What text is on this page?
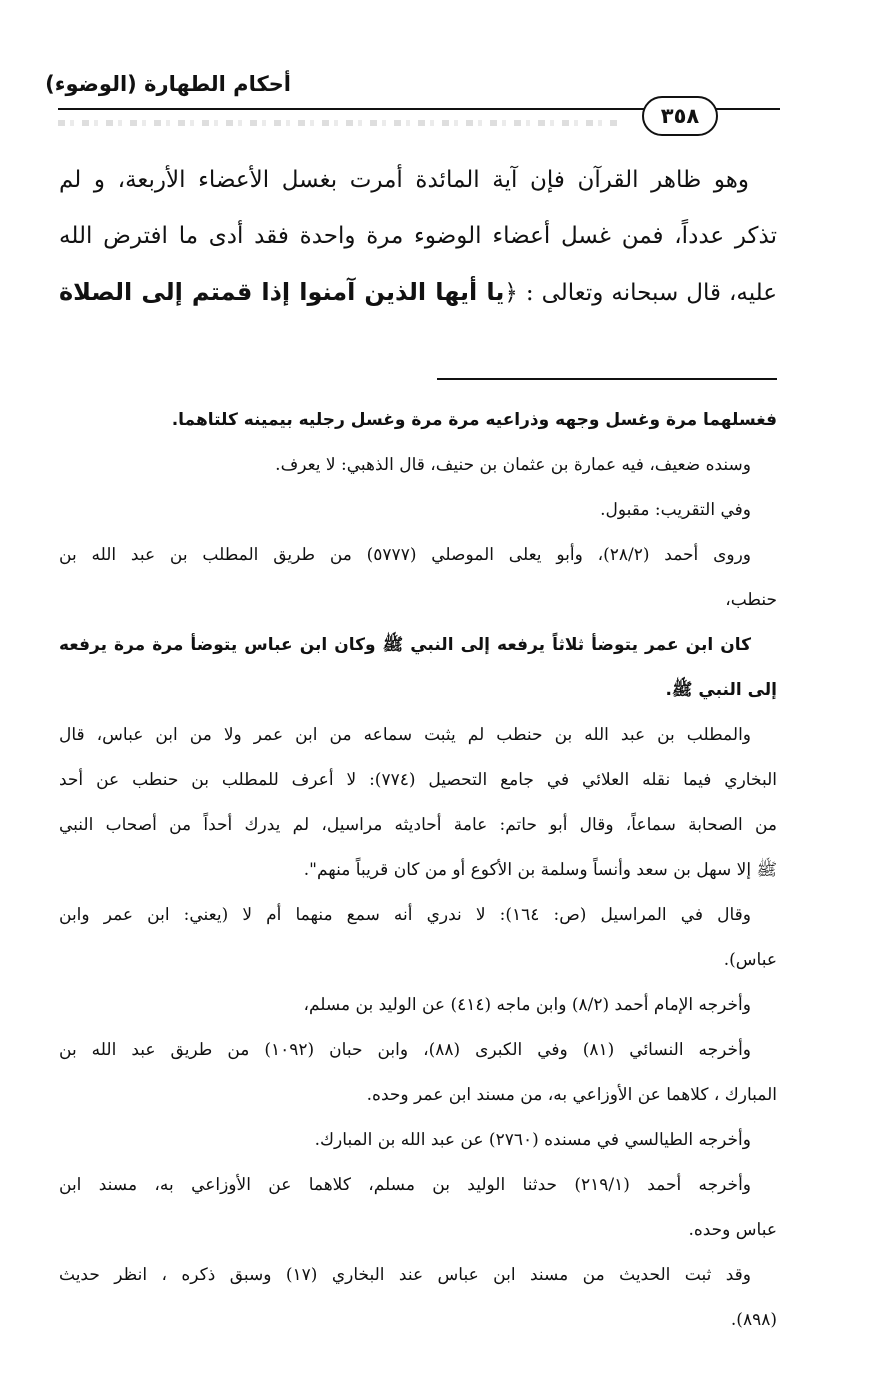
أحكام الطهارة (الوضوء)
٣٥٨

وهو ظاهر القرآن فإن آية المائدة أمرت بغسل الأعضاء الأربعة، و لم

تذكر عدداً، فمن غسل أعضاء الوضوء مرة واحدة فقد أدى ما افترض الله

عليه، قال سبحانه وتعالى : ﴿يا أيها الذين آمنوا إذا قمتم إلى الصلاة

فغسلهما مرة وغسل وجهه وذراعيه مرة مرة وغسل رجليه بيمينه كلتاهما.
وسنده ضعيف، فيه عمارة بن عثمان بن حنيف، قال الذهبي: لا يعرف.
وفي التقريب: مقبول.
وروى أحمد (٢٨/٢)، وأبو يعلى الموصلي (٥٧٧٧) من طريق المطلب بن عبد الله بن
حنطب،
كان ابن عمر يتوضأ ثلاثاً يرفعه إلى النبي ﷺ وكان ابن عباس يتوضأ مرة مرة يرفعه
إلى النبي ﷺ.
والمطلب بن عبد الله بن حنطب لم يثبت سماعه من ابن عمر ولا من ابن عباس، قال
البخاري فيما نقله العلائي في جامع التحصيل (٧٧٤): لا أعرف للمطلب بن حنطب عن أحد
من الصحابة سماعاً، وقال أبو حاتم: عامة أحاديثه مراسيل، لم يدرك أحداً من أصحاب النبي
ﷺ إلا سهل بن سعد وأنساً وسلمة بن الأكوع أو من كان قريباً منهم".
وقال في المراسيل (ص: ١٦٤): لا ندري أنه سمع منهما أم لا (يعني: ابن عمر وابن
عباس).
وأخرجه الإمام أحمد (٨/٢) وابن ماجه (٤١٤) عن الوليد بن مسلم،
وأخرجه النسائي (٨١) وفي الكبرى (٨٨)، وابن حبان (١٠٩٢) من طريق عبد الله بن
المبارك ، كلاهما عن الأوزاعي به، من مسند ابن عمر وحده.
وأخرجه الطيالسي في مسنده (٢٧٦٠) عن عبد الله بن المبارك.
وأخرجه أحمد (٢١٩/١) حدثنا الوليد بن مسلم، كلاهما عن الأوزاعي به، مسند ابن
عباس وحده.
وقد ثبت الحديث من مسند ابن عباس عند البخاري (١٧) وسبق ذكره ، انظر حديث
(٨٩٨).
